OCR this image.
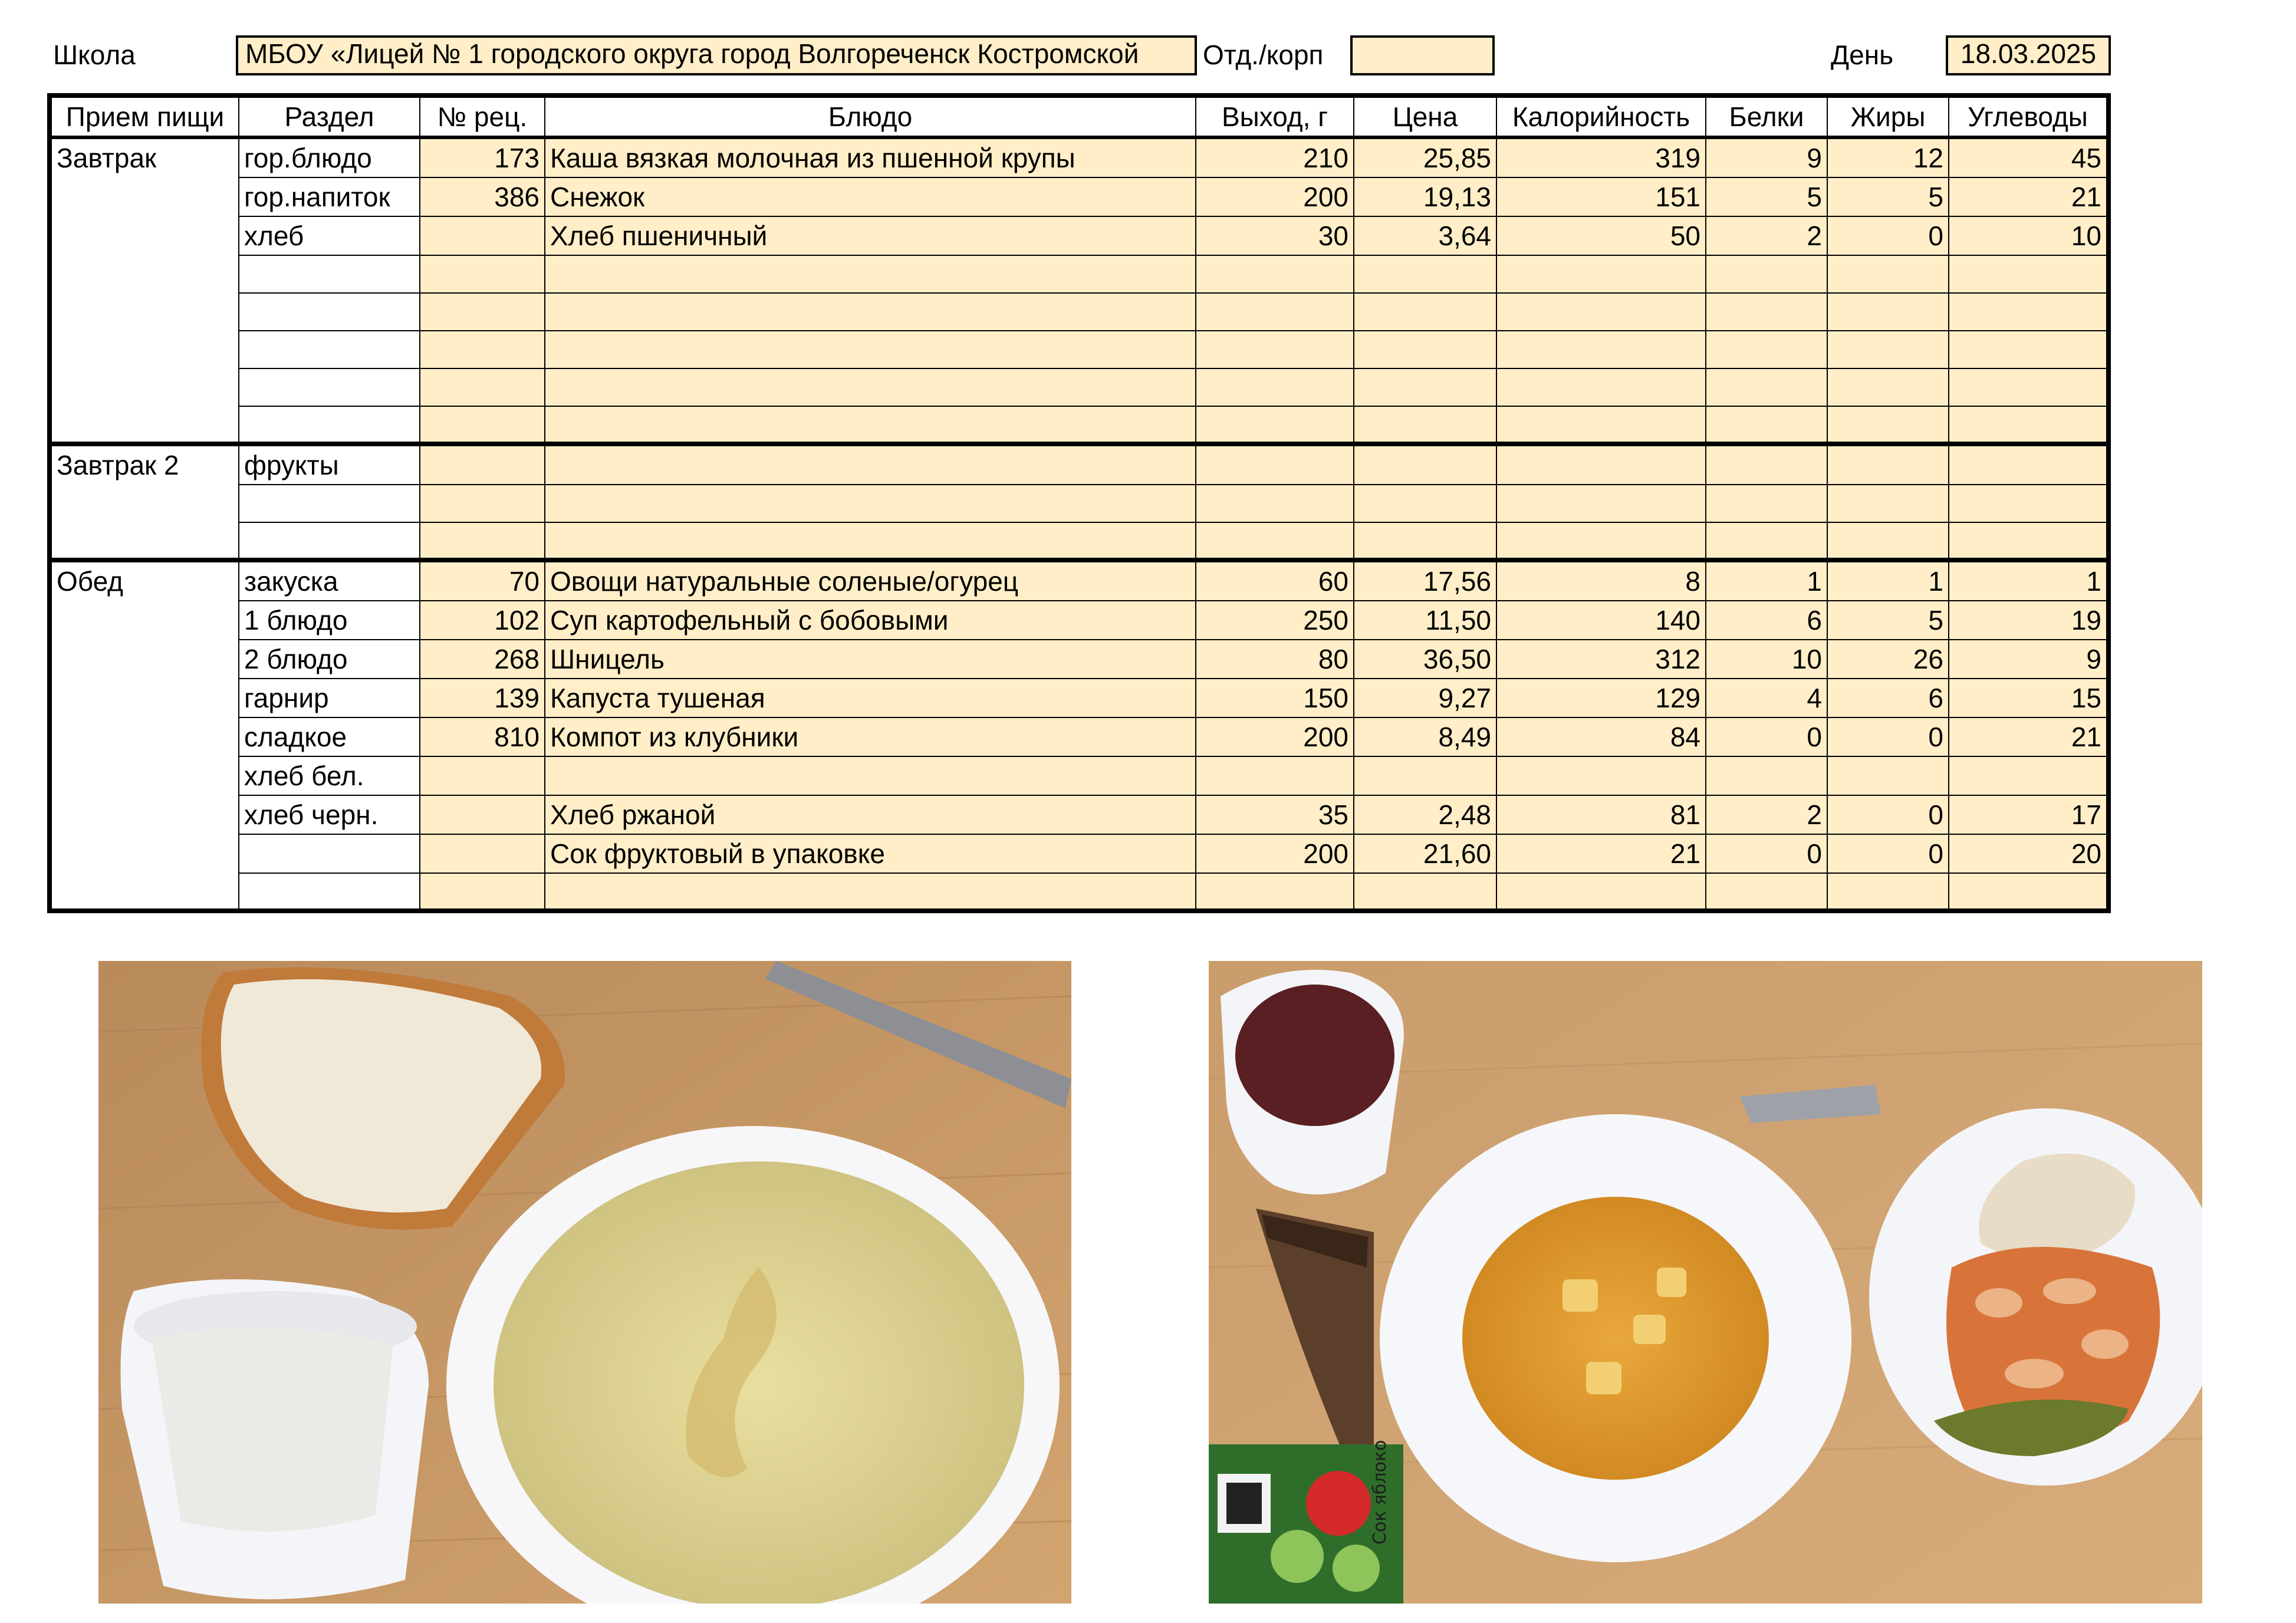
Школа	МБОУ «Лицей № 1 городского округа город Волгореченск Костромской	Отд./корп	День	18.03.2025
Прием пищи	Раздел	№ рец.	Блюдо	Выход, г	Цена	Калорийность	Белки	Жиры	Углеводы
Завтрак	гор.блюдо	173	Каша вязкая молочная из пшенной крупы	210	25,85	319	9	12	45
	гор.напиток	386	Снежок	200	19,13	151	5	5	21
	хлеб		Хлеб пшеничный	30	3,64	50	2	0	10

Завтрак 2	фрукты								

Обед	закуска	70	Овощи натуральные соленые/огурец	60	17,56	8	1	1	1
	1 блюдо	102	Суп картофельный с бобовыми	250	11,50	140	6	5	19
	2 блюдо	268	Шницель	80	36,50	312	10	26	9
	гарнир	139	Капуста тушеная	150	9,27	129	4	6	15
	сладкое	810	Компот из клубники	200	8,49	84	0	0	21
	хлеб бел.								
	хлеб черн.		Хлеб ржаной	35	2,48	81	2	0	17
			Сок фруктовый в упаковке	200	21,60	21	0	0	20

Сок яблоко
